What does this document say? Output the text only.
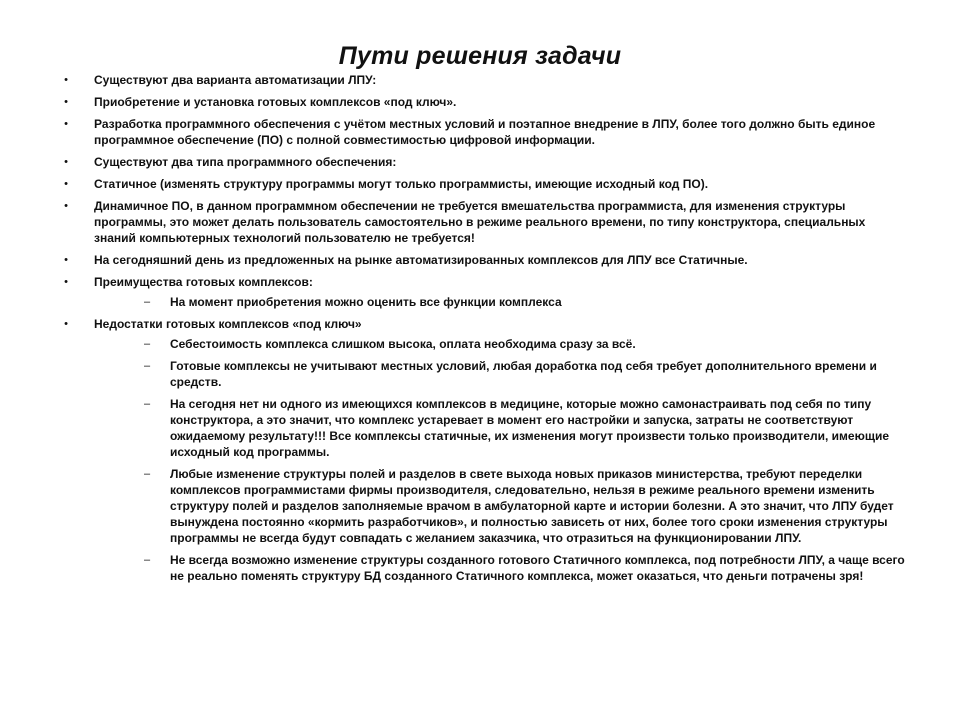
Пути решения задачи
•	Существуют два варианта автоматизации ЛПУ:
•	Приобретение и установка готовых комплексов «под ключ».
•	Разработка программного обеспечения с учётом местных условий и поэтапное внедрение в ЛПУ, более того должно быть единое программное обеспечение (ПО) с полной совместимостью цифровой информации.
•	Существуют два типа программного обеспечения:
•	Статичное (изменять структуру программы могут только программисты, имеющие исходный код ПО).
•	Динамичное ПО, в данном программном обеспечении не требуется вмешательства программиста, для изменения структуры программы, это может делать пользователь самостоятельно в режиме реального времени, по типу конструктора, специальных знаний компьютерных технологий пользователю не требуется!
•	На сегодняшний день из предложенных на рынке автоматизированных комплексов для ЛПУ все Статичные.
•	Преимущества готовых комплексов:
–	На момент приобретения можно оценить все функции комплекса
•	Недостатки готовых комплексов «под ключ»
–	Себестоимость комплекса слишком высока, оплата необходима сразу за всё.
–	Готовые комплексы не учитывают местных условий, любая доработка под себя требует дополнительного времени и средств.
–	На сегодня нет ни одного из имеющихся комплексов в медицине, которые можно самонастраивать под себя по типу конструктора, а это значит, что комплекс устаревает в момент его настройки и запуска, затраты не соответствуют ожидаемому результату!!! Все комплексы статичные, их изменения могут произвести только производители, имеющие исходный код программы.
–	Любые изменение структуры полей и разделов в свете выхода новых приказов министерства, требуют переделки комплексов программистами фирмы производителя, следовательно, нельзя в режиме реального времени изменить структуру полей и разделов заполняемые врачом в амбулаторной карте и истории болезни. А это значит, что ЛПУ будет вынуждена постоянно «кормить разработчиков», и полностью зависеть от них, более того сроки изменения структуры программы не всегда будут совпадать с желанием заказчика, что отразиться на функционировании ЛПУ.
–	Не всегда возможно изменение структуры созданного готового Статичного комплекса, под потребности ЛПУ, а чаще всего не реально поменять структуру БД созданного Статичного комплекса, может оказаться, что деньги потрачены зря!
